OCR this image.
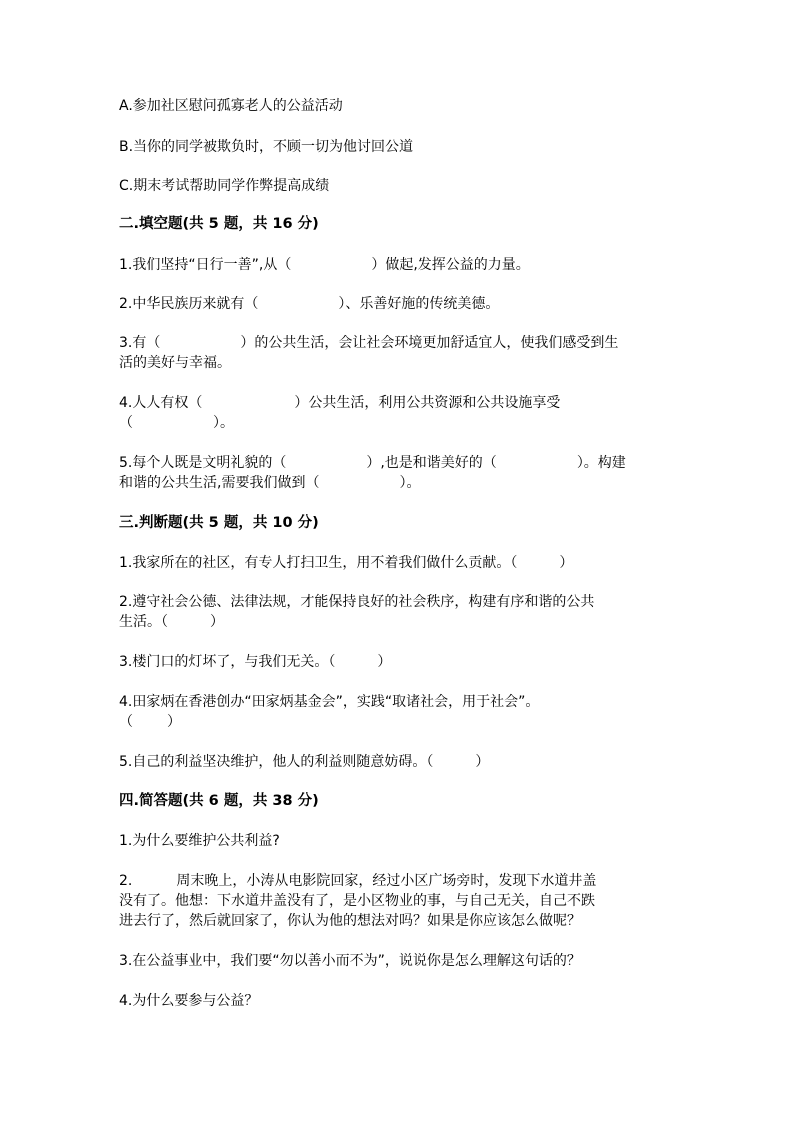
A.参加社区慰问孤寡老人的公益活动
B.当你的同学被欺负时，不顾一切为他讨回公道
C.期末考试帮助同学作弊提高成绩
二.填空题(共 5 题，共 16 分)
1.我们坚持“日行一善”,从（	）做起,发挥公益的力量。
2.中华民族历来就有（	）、乐善好施的传统美德。
3.有（	）的公共生活，会让社会环境更加舒适宜人，使我们感受到生
活的美好与幸福。
4.人人有权（	）公共生活，利用公共资源和公共设施享受
（	）。
5.每个人既是文明礼貌的（	）,也是和谐美好的（	）。构建
和谐的公共生活,需要我们做到（	）。
三.判断题(共 5 题，共 10 分)
1.我家所在的社区，有专人打扫卫生，用不着我们做什么贡献。（	）
2.遵守社会公德、法律法规，才能保持良好的社会秩序，构建有序和谐的公共
生活。（	）
3.楼门口的灯坏了，与我们无关。（	）
4.田家炳在香港创办“田家炳基金会”，实践“取诸社会，用于社会”。
（ ）
5.自己的利益坚决维护，他人的利益则随意妨碍。（	）
四.简答题(共 6 题，共 38 分)
1.为什么要维护公共利益?
2.	周末晚上，小涛从电影院回家，经过小区广场旁时，发现下水道井盖
没有了。他想：下水道井盖没有了，是小区物业的事，与自己无关，自己不跌
进去行了，然后就回家了，你认为他的想法对吗？如果是你应该怎么做呢？
3.在公益事业中，我们要“勿以善小而不为”，说说你是怎么理解这句话的？
4.为什么要参与公益？
